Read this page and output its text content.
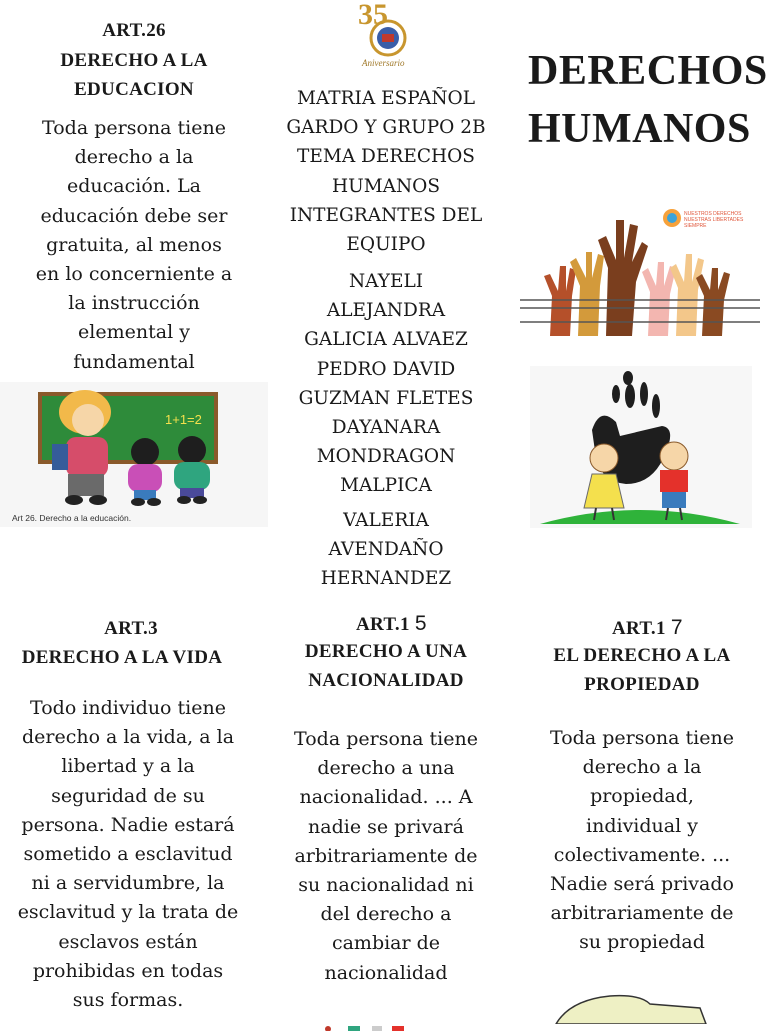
ART.26
DERECHO A LA
EDUCACION
Toda persona tiene
derecho a la
educación. La
educación debe ser
gratuita, al menos
en lo concerniente a
la instrucción
elemental y
fundamental
1+1=2
Art 26. Derecho a la educación.
35
Aniversario
MATRIA ESPAÑOL
GARDO Y GRUPO 2B
TEMA DERECHOS
HUMANOS
INTEGRANTES DEL
EQUIPO
NAYELI
ALEJANDRA
GALICIA ALVAEZ
PEDRO DAVID
GUZMAN FLETES
DAYANARA
MONDRAGON
MALPICA
VALERIA
AVENDAÑO
HERNANDEZ
DERECHOS
HUMANOS
NUESTROS DERECHOS
NUESTRAS LIBERTADES
SIEMPRE
ART.3
DERECHO A LA VIDA
Todo individuo tiene
derecho a la vida, a la
libertad y a la
seguridad de su
persona. Nadie estará
sometido a esclavitud
ni a servidumbre, la
esclavitud y la trata de
esclavos están
prohibidas en todas
sus formas.
ART.1 5
DERECHO A UNA
NACIONALIDAD
Toda persona tiene
derecho a una
nacionalidad. ... A
nadie se privará
arbitrariamente de
su nacionalidad ni
del derecho a
cambiar de
nacionalidad
ART.1 7
EL DERECHO A LA
PROPIEDAD
Toda persona tiene
derecho a la
propiedad,
individual y
colectivamente. ...
Nadie será privado
arbitrariamente de
su propiedad
